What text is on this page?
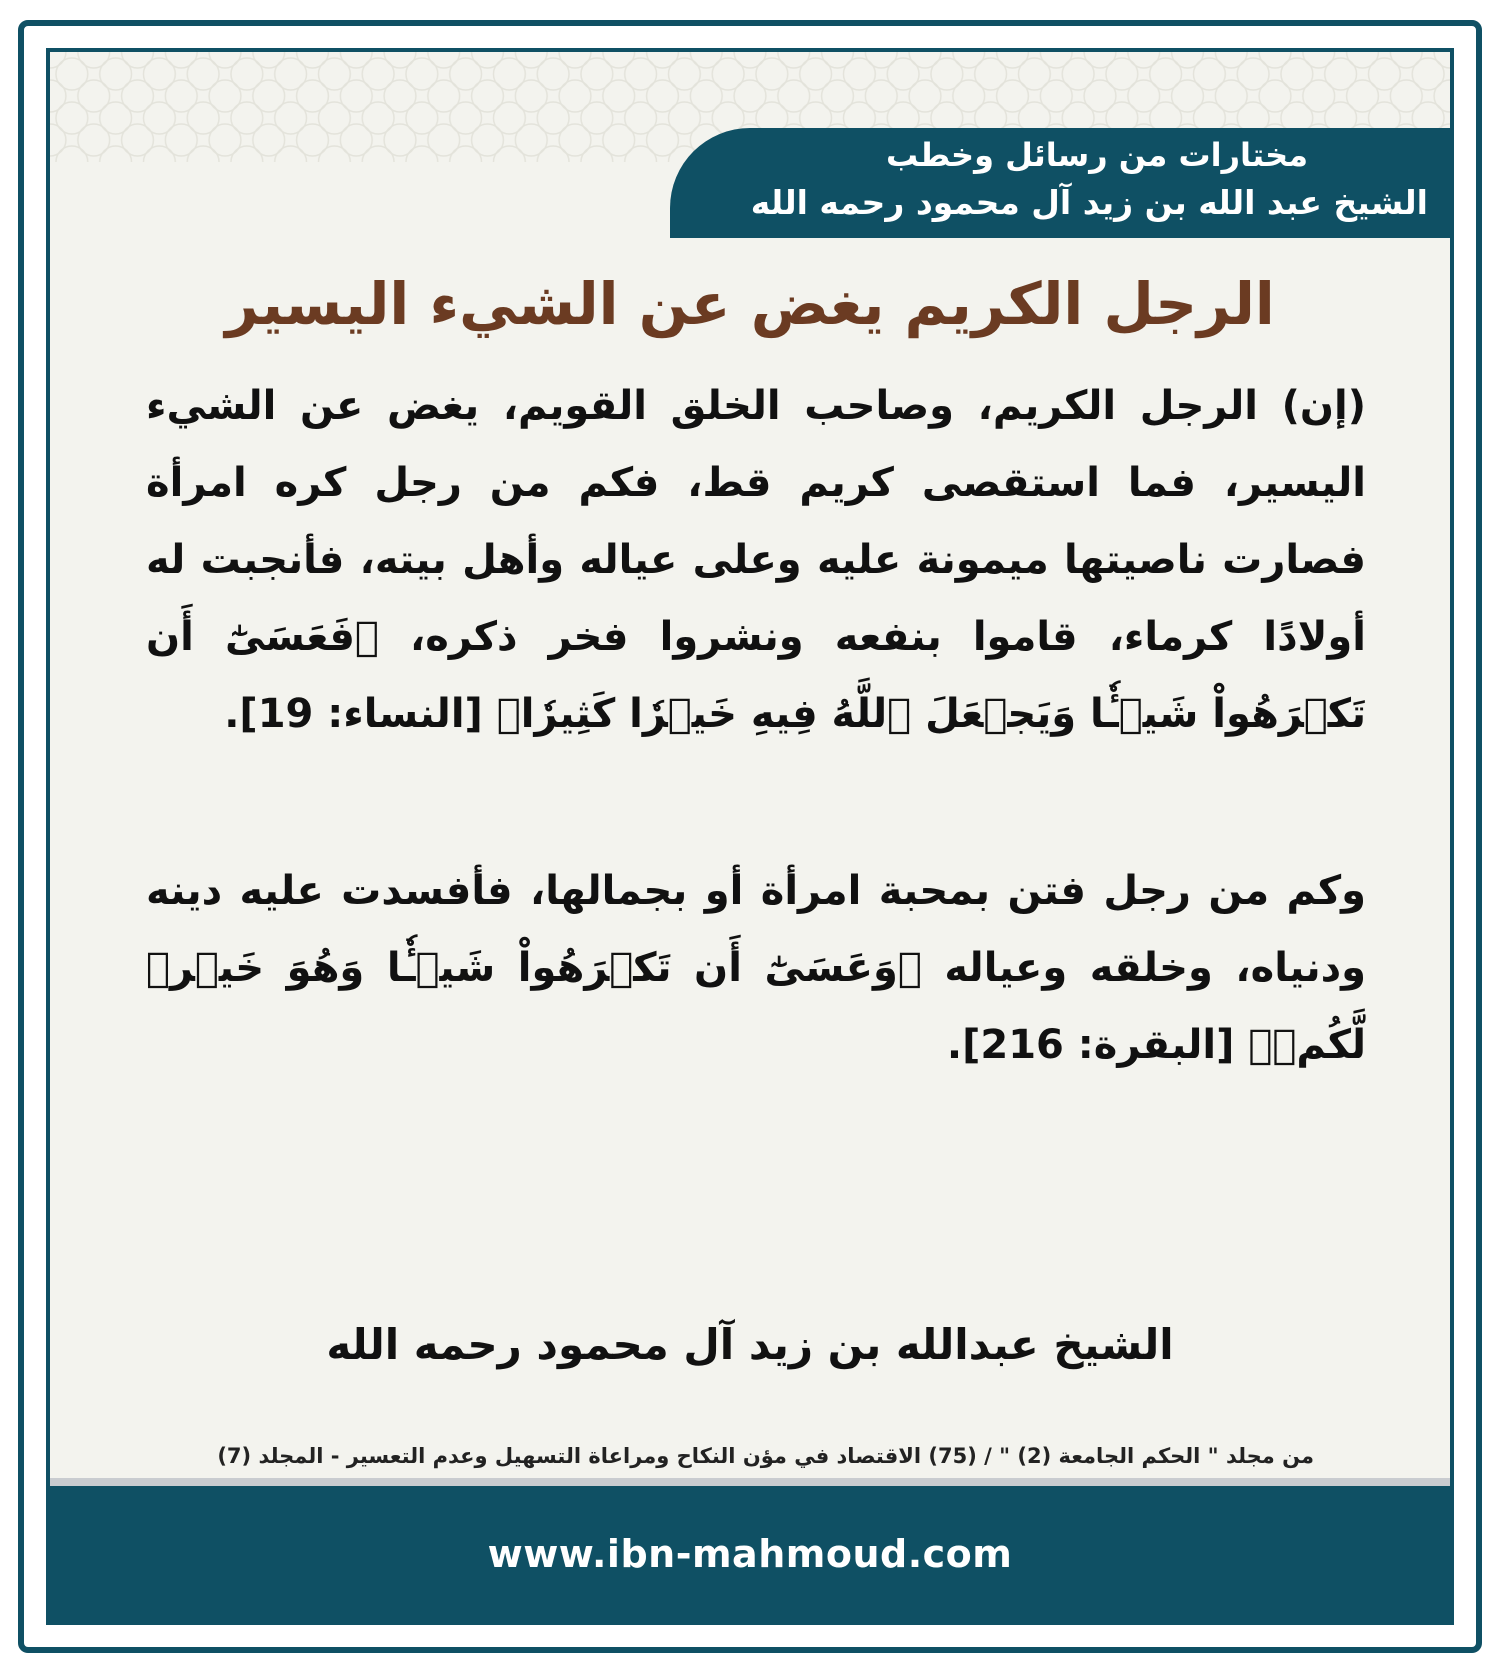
مختارات من رسائل وخطب
الشيخ عبد الله بن زيد آل محمود رحمه الله
الرجل الكريم يغض عن الشيء اليسير

(إن) الرجل الكريم، وصاحب الخلق القويم، يغض عن الشيء اليسير، فما استقصى كريم قط، فكم من رجل كره امرأة فصارت ناصيتها ميمونة عليه وعلى عياله وأهل بيته، فأنجبت له أولادًا كرماء، قاموا بنفعه ونشروا فخر ذكره، ﴿فَعَسَىٰٓ أَن تَكۡرَهُواْ شَيۡـٔٗا وَيَجۡعَلَ ٱللَّهُ فِيهِ خَيۡرٗا كَثِيرٗا﴾ [النساء: 19].

وكم من رجل فتن بمحبة امرأة أو بجمالها، فأفسدت عليه دينه ودنياه، وخلقه وعياله ﴿وَعَسَىٰٓ أَن تَكۡرَهُواْ شَيۡـٔٗا وَهُوَ خَيۡرٞ لَّكُمۡ﴾ [البقرة: 216].

الشيخ عبدالله بن زيد آل محمود رحمه الله
من مجلد " الحكم الجامعة (2) " / (75) الاقتصاد في مؤن النكاح ومراعاة التسهيل وعدم التعسير - المجلد (7)
www.ibn-mahmoud.com
